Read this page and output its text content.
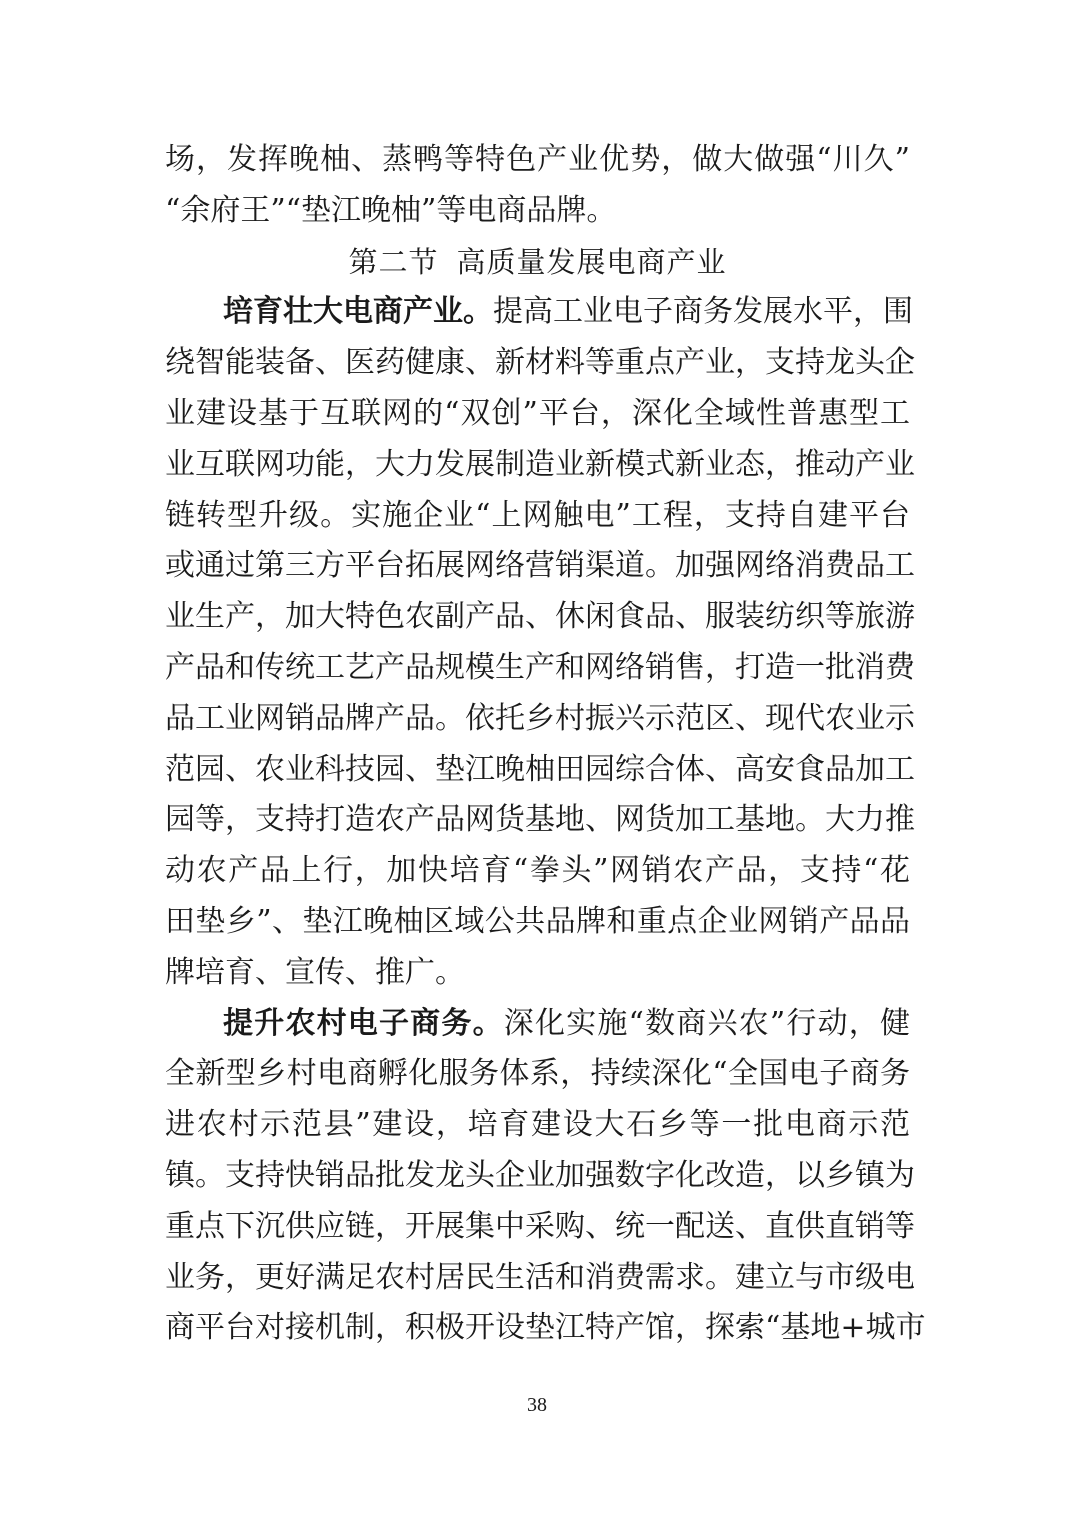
场，发挥晚柚、蒸鸭等特色产业优势，做大做强“川久”
“余府王”“垫江晚柚”等电商品牌。
第二节 高质量发展电商产业
培育壮大电商产业。提高工业电子商务发展水平，围
绕智能装备、医药健康、新材料等重点产业，支持龙头企
业建设基于互联网的“双创”平台，深化全域性普惠型工
业互联网功能，大力发展制造业新模式新业态，推动产业
链转型升级。实施企业“上网触电”工程，支持自建平台
或通过第三方平台拓展网络营销渠道。加强网络消费品工
业生产，加大特色农副产品、休闲食品、服装纺织等旅游
产品和传统工艺产品规模生产和网络销售，打造一批消费
品工业网销品牌产品。依托乡村振兴示范区、现代农业示
范园、农业科技园、垫江晚柚田园综合体、高安食品加工
园等，支持打造农产品网货基地、网货加工基地。大力推
动农产品上行，加快培育“拳头”网销农产品，支持“花
田垫乡”、垫江晚柚区域公共品牌和重点企业网销产品品
牌培育、宣传、推广。
提升农村电子商务。深化实施“数商兴农”行动，健
全新型乡村电商孵化服务体系，持续深化“全国电子商务
进农村示范县”建设，培育建设大石乡等一批电商示范
镇。支持快销品批发龙头企业加强数字化改造，以乡镇为
重点下沉供应链，开展集中采购、统一配送、直供直销等
业务，更好满足农村居民生活和消费需求。建立与市级电
商平台对接机制，积极开设垫江特产馆，探索“基地+城市
38
